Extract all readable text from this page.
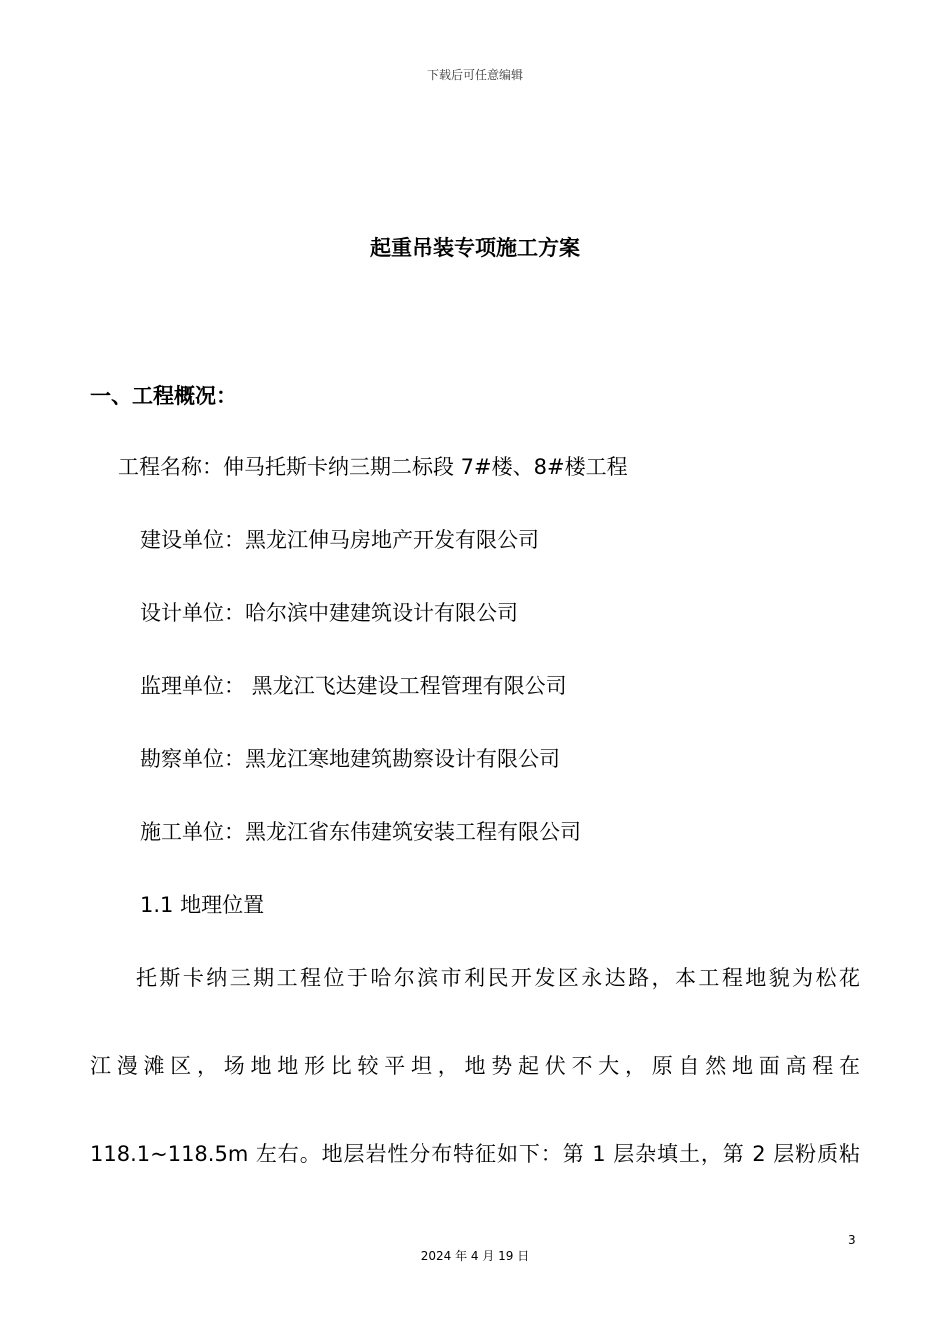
下载后可任意编辑
起重吊装专项施工方案
一、工程概况：
工程名称：伸马托斯卡纳三期二标段 7#楼、8#楼工程
建设单位：黑龙江伸马房地产开发有限公司
设计单位：哈尔滨中建建筑设计有限公司
监理单位： 黑龙江飞达建设工程管理有限公司
勘察单位：黑龙江寒地建筑勘察设计有限公司
施工单位：黑龙江省东伟建筑安装工程有限公司
1.1 地理位置
托斯卡纳三期工程位于哈尔滨市利民开发区永达路，本工程地貌为松花
江漫滩区，场地地形比较平坦，地势起伏不大，原自然地面高程在
118.1~118.5m 左右。地层岩性分布特征如下：第 1 层杂填土，第 2 层粉质粘
3
2024 年 4 月 19 日
